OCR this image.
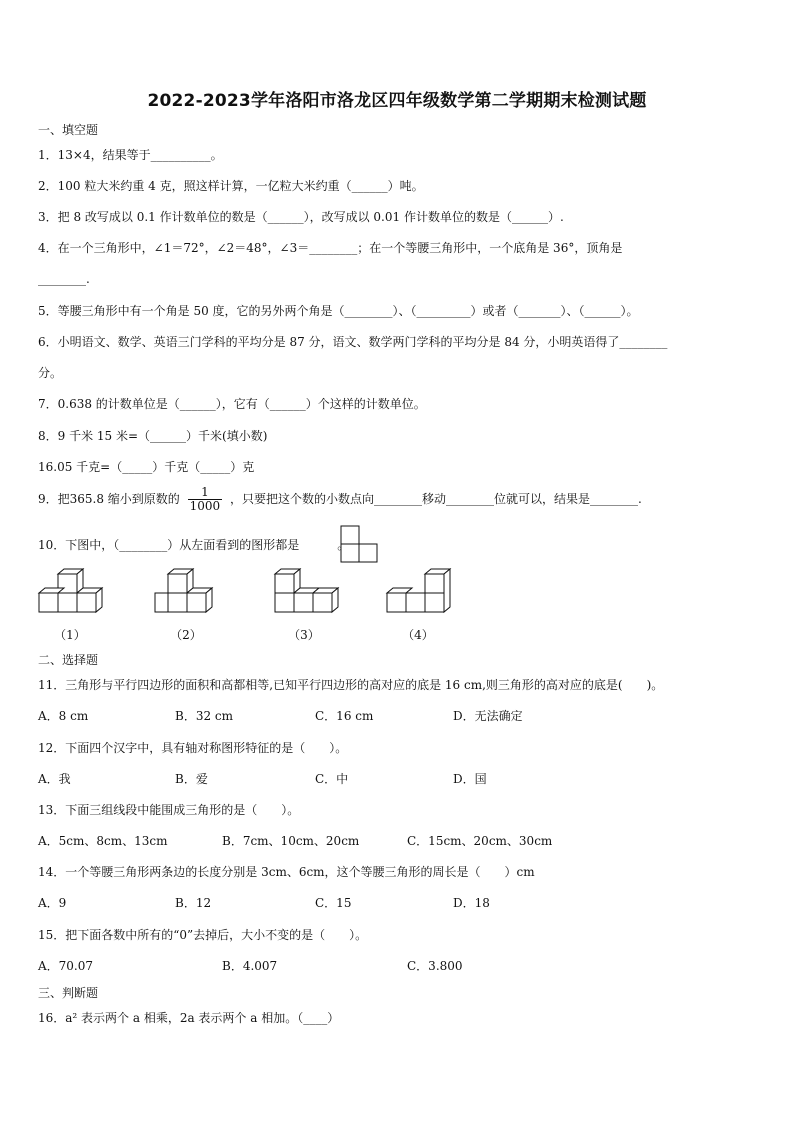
2022-2023学年洛阳市洛龙区四年级数学第二学期期末检测试题
一、填空题
1．13×4，结果等于__________。
2．100 粒大米约重 4 克，照这样计算，一亿粒大米约重（______）吨。
3．把 8 改写成以 0.1 作计数单位的数是（______），改写成以 0.01 作计数单位的数是（______）.
4．在一个三角形中，∠1＝72°，∠2＝48°，∠3＝________；在一个等腰三角形中，一个底角是 36°，顶角是
________.
5．等腰三角形中有一个角是 50 度，它的另外两个角是（________）、（_________）或者（_______）、（______）。
6．小明语文、数学、英语三门学科的平均分是 87 分，语文、数学两门学科的平均分是 84 分，小明英语得了________
分。
7．0.638 的计数单位是（______），它有（______）个这样的计数单位。
8．9 千米 15 米=（______）千米(填小数)
16.05 千克=（_____）千克（_____）克
9．把365.8 缩小到原数的 $\frac{1}{1000}$ ，只要把这个数的小数点向________移动________位就可以，结果是________.
10．下图中，（________）从左面看到的图形都是	。
（1）	（2）	（3）	（4）
二、选择题
11．三角形与平行四边形的面积和高都相等,已知平行四边形的高对应的底是 16 cm,则三角形的高对应的底是(　　)。
A．8 cm	B．32 cm	C．16 cm	D．无法确定
12．下面四个汉字中，具有轴对称图形特征的是（　　）。
A．我	B．爱	C．中	D．国
13．下面三组线段中能围成三角形的是（　　）。
A．5cm、8cm、13cm	B．7cm、10cm、20cm	C．15cm、20cm、30cm
14．一个等腰三角形两条边的长度分别是 3cm、6cm，这个等腰三角形的周长是（　　）cm
A．9	B．12	C．15	D．18
15．把下面各数中所有的“0”去掉后，大小不变的是（　　）。
A．70.07	B．4.007	C．3.800
三、判断题
16．a² 表示两个 a 相乘，2a 表示两个 a 相加。（____）
